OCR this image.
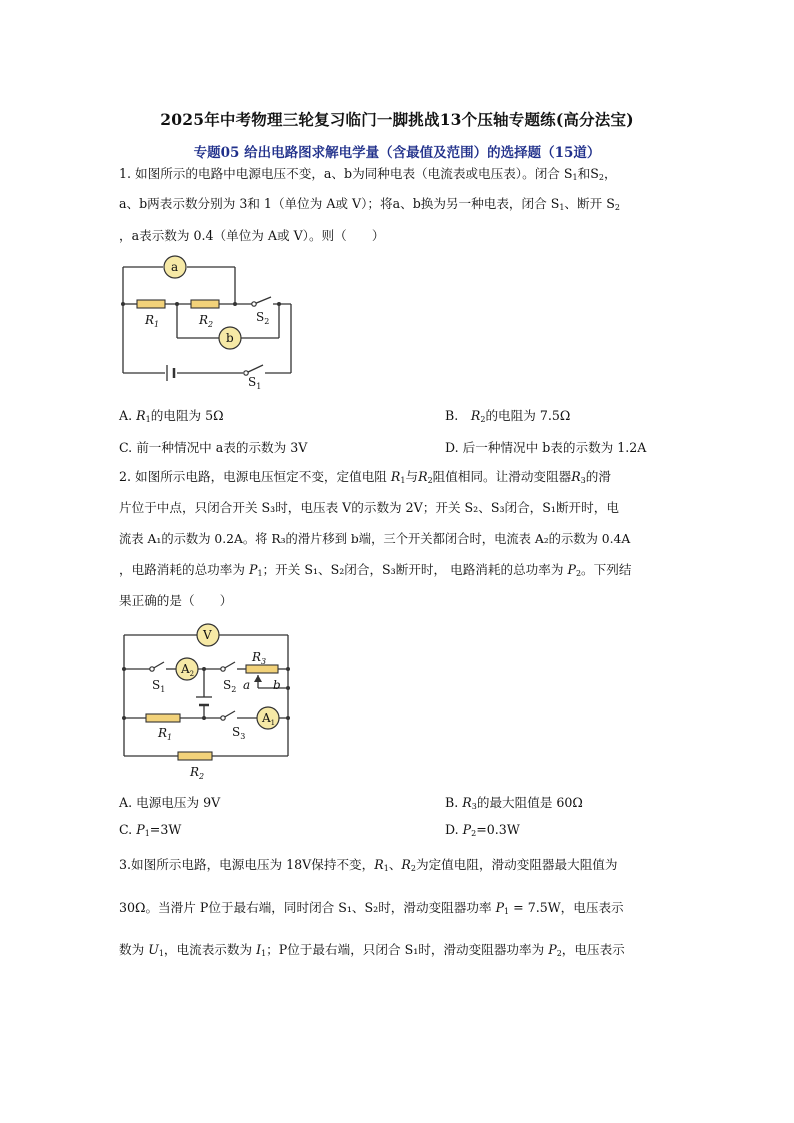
2025年中考物理三轮复习临门一脚挑战13个压轴专题练(高分法宝)
专题05 给出电路图求解电学量（含最值及范围）的选择题（15道）
1. 如图所示的电路中电源电压不变，a、b为同种电表（电流表或电压表）。闭合 $S_1$和$S_2$，
a、b两表示数分别为 3和 1（单位为 A或 V）；将a、b换为另一种电表，闭合 $S_1$、断开 $S_2$
，a表示数为 0.4（单位为 A或 V）。则（　　）
a
b
$R_1$	$R_2$
$S_2$
$S_1$
A. $R_1$的电阻为 5Ω	B.　$R_2$的电阻为 7.5Ω
C. 前一种情况中 a表的示数为 3V	D. 后一种情况中 b表的示数为 1.2A
2. 如图所示电路，电源电压恒定不变，定值电阻 $R_1$与$R_2$阻值相同。让滑动变阻器$R_3$的滑
片位于中点，只闭合开关 S₃时，电压表 V的示数为 2V；开关 S₂、S₃闭合，S₁断开时，电
流表 A₁的示数为 0.2A。将 R₃的滑片移到 b端，三个开关都闭合时，电流表 A₂的示数为 0.4A
，电路消耗的总功率为 $P_1$；开关 S₁、S₂闭合，S₃断开时， 电路消耗的总功率为 $P_2$。下列结
果正确的是（　　）
V
$A_2$
$A_1$
$R_3$
a b
$S_1$	$S_2$
$S_3$
$R_1$
$R_2$
A. 电源电压为 9V	B. $R_3$的最大阻值是 60Ω
C. $P_1=3W$	D. $P_2=0.3W$
3.如图所示电路，电源电压为 18V保持不变，$R_1$、$R_2$为定值电阻，滑动变阻器最大阻值为
30Ω。当滑片 P位于最右端，同时闭合 S₁、S₂时，滑动变阻器功率 $P_1 = 7.5W$，电压表示
数为 $U_1$，电流表示数为 $I_1$；P位于最右端，只闭合 S₁时，滑动变阻器功率为 $P_2$，电压表示
